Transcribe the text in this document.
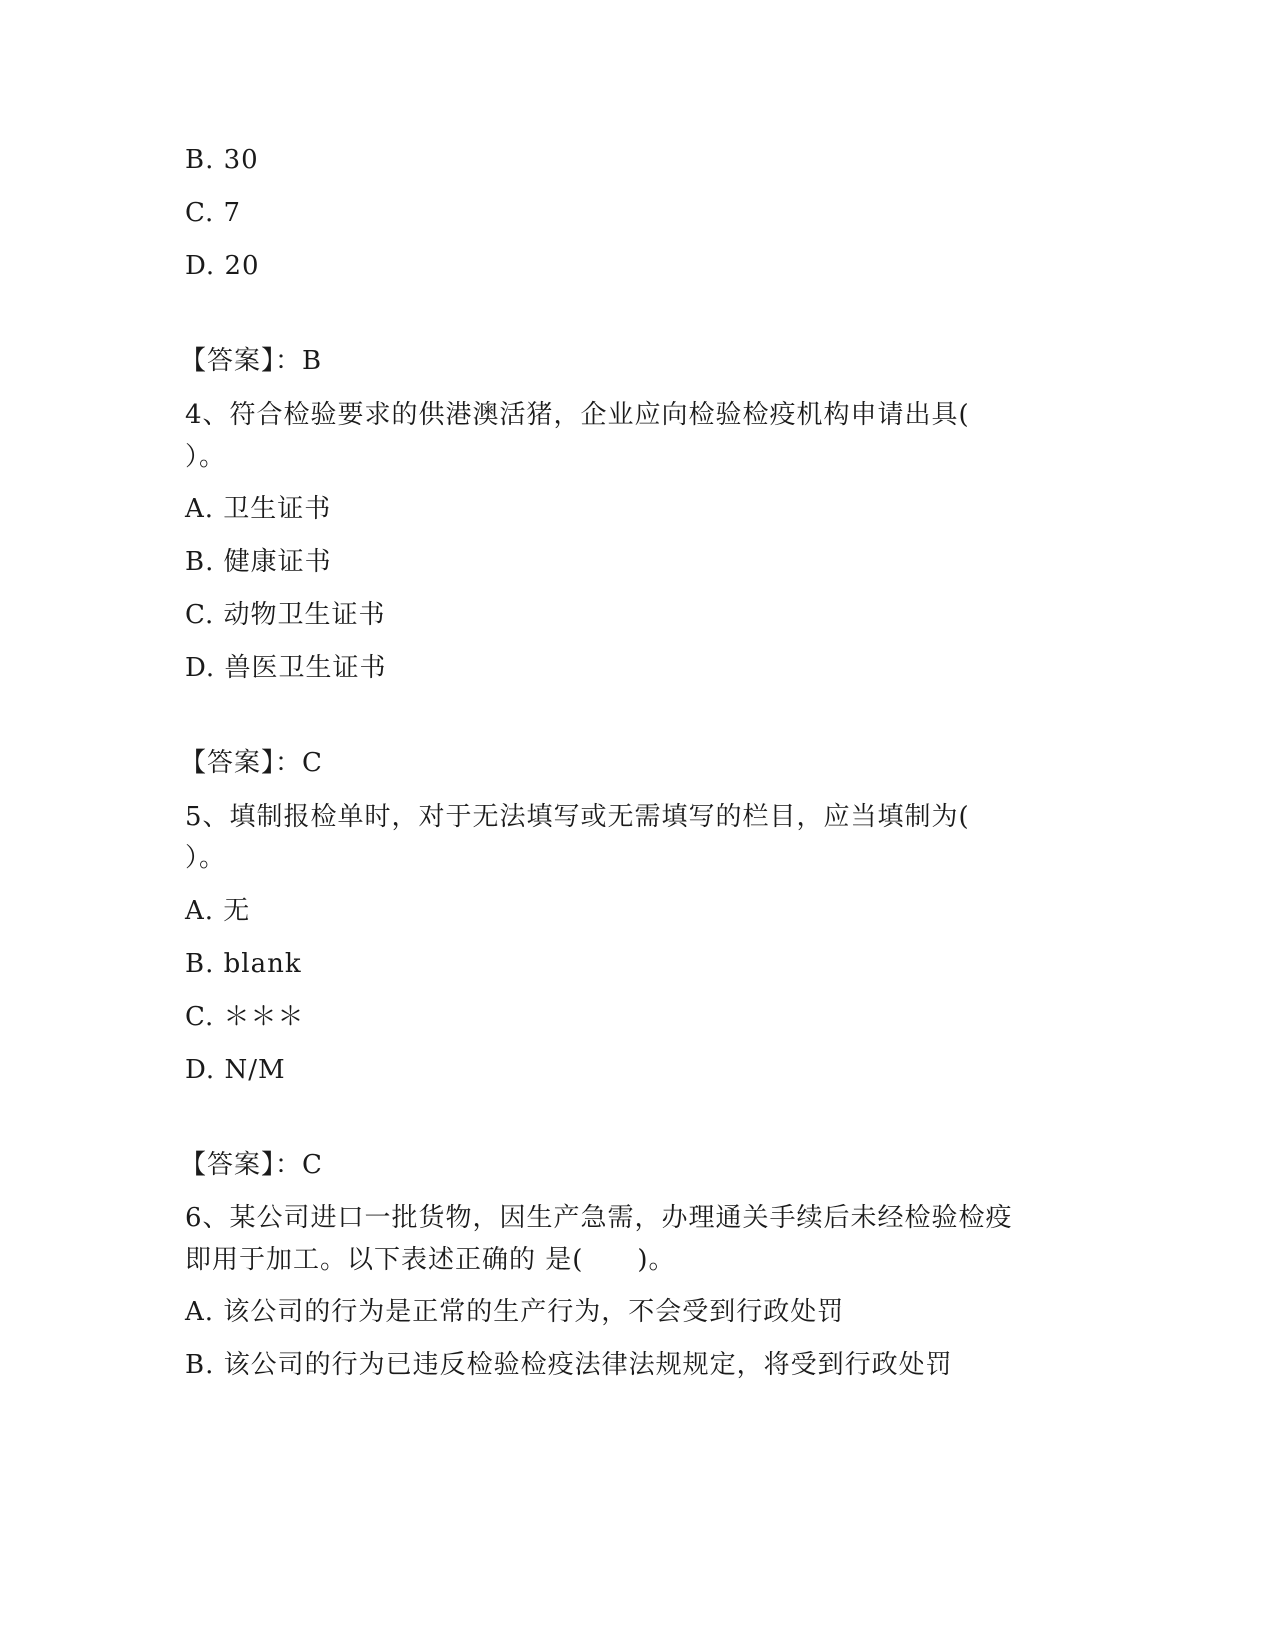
B. 30
C. 7
D. 20
【答案】：B
4、符合检验要求的供港澳活猪，企业应向检验检疫机构申请出具(
）。
A. 卫生证书
B. 健康证书
C. 动物卫生证书
D. 兽医卫生证书
【答案】：C
5、填制报检单时，对于无法填写或无需填写的栏目，应当填制为(
）。
A. 无
B. blank
C. ＊＊＊
D. N/M
【答案】：C
6、某公司进口一批货物，因生产急需，办理通关手续后未经检验检疫
即用于加工。以下表述正确的 是(　　)。
A. 该公司的行为是正常的生产行为，不会受到行政处罚
B. 该公司的行为已违反检验检疫法律法规规定，将受到行政处罚
